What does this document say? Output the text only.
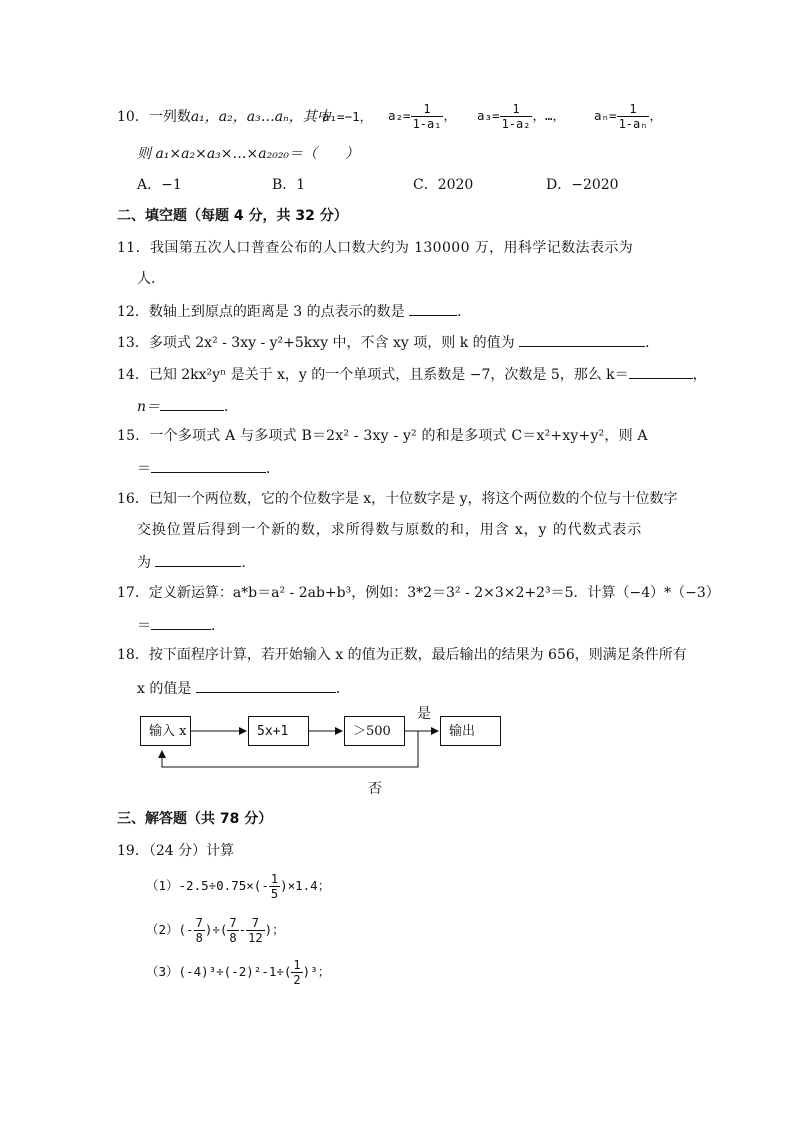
10．一列数a₁，a₂，a₃…aₙ，其中
a₁=−1， $a_2= \frac{1}{\text{1-a₁}}$ ， $a_3= \frac{1}{\text{1-a₂}}$ ，…， $a_n= \frac{1}{\text{1-aₙ}}$ ，
则 a₁×a₂×a₃×…×a₂₀₂₀＝（　　）
A．−1	B．1	C．2020	D．−2020
二、填空题（每题 4 分，共 32 分）
11．我国第五次人口普查公布的人口数大约为 130000 万，用科学记数法表示为
人．
12．数轴上到原点的距离是 3 的点表示的数是	．
13．多项式 2x² - 3xy - y²+5kxy 中，不含 xy 项，则 k 的值为	．
14．已知 2kx²yⁿ 是关于 x，y 的一个单项式，且系数是 −7，次数是 5，那么 k＝	，
n＝	．
15．一个多项式 A 与多项式 B＝2x² - 3xy - y² 的和是多项式 C＝x²+xy+y²，则 A
＝	．
16．已知一个两位数，它的个位数字是 x，十位数字是 y，将这个两位数的个位与十位数字
交换位置后得到一个新的数，求所得数与原数的和，用含 x，y 的代数式表示
为	．
17．定义新运算：a*b＝a² - 2ab+b³，例如：3*2＝3² - 2×3×2+2³＝5．计算（−4）*（−3）
＝	．
18．按下面程序计算，若开始输入 x 的值为正数，最后输出的结果为 656，则满足条件所有
x 的值是	．
输入 x	5x+1	＞500	输出
是
否
三、解答题（共 78 分）
19．（24 分）计算
$(1)-2.5\div 0.75\times(- \frac{1}{5} )\times 1.4$；
$(2)(- \frac{7}{8}$ )÷( $\frac{7}{8} - \frac{7}{12}$ )；
$(3)(-4)^3\div(-2)^2-1\div( \frac{1}{2} )^3$；
